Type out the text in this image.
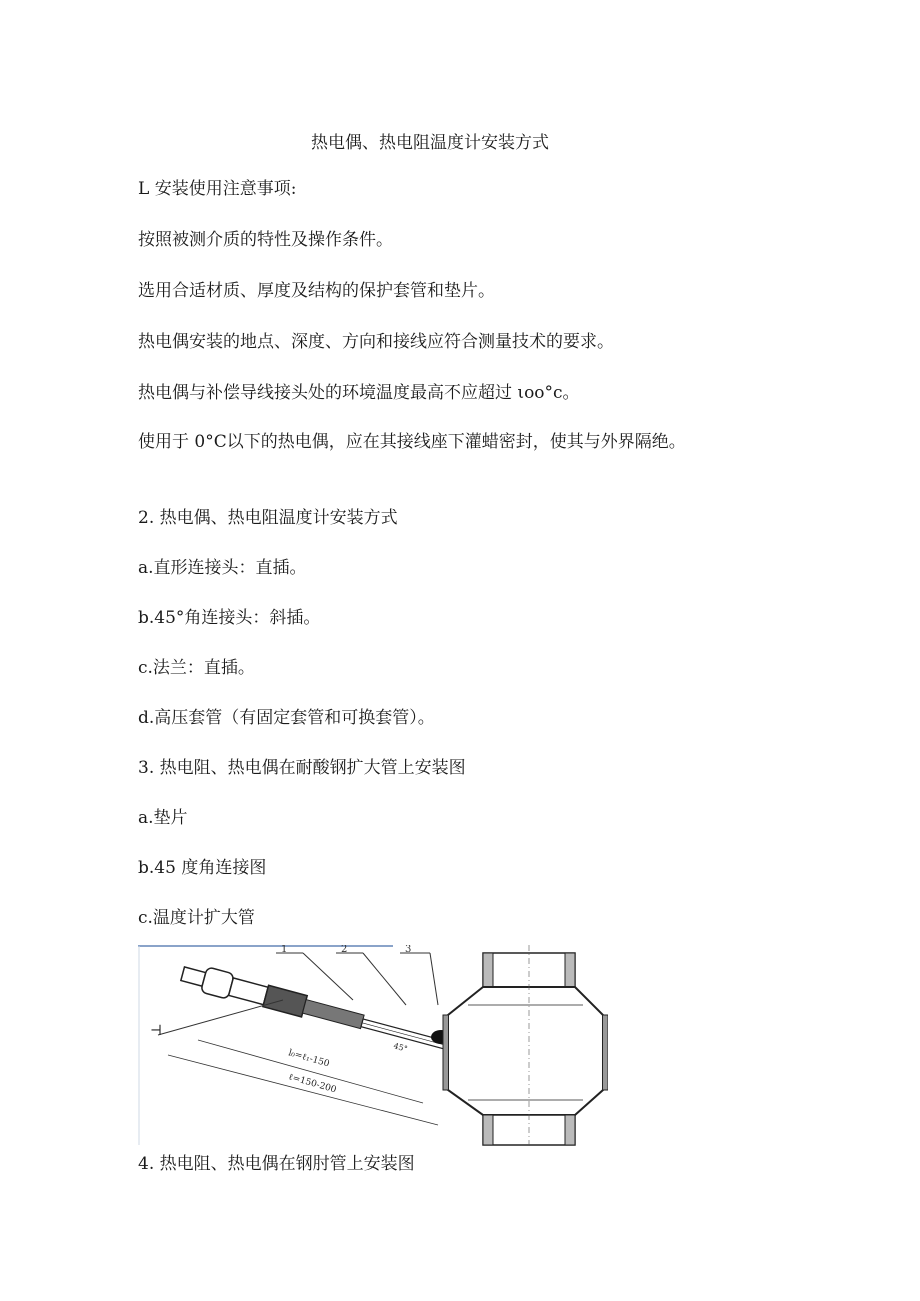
热电偶、热电阻温度计安装方式
L 安装使用注意事项:
按照被测介质的特性及操作条件。
选用合适材质、厚度及结构的保护套管和垫片。
热电偶安装的地点、深度、方向和接线应符合测量技术的要求。
热电偶与补偿导线接头处的环境温度最高不应超过 ιoo°c。
使用于 0°C以下的热电偶，应在其接线座下灌蜡密封，使其与外界隔绝。
2. 热电偶、热电阻温度计安装方式
a.直形连接头：直插。
b.45°角连接头：斜插。
c.法兰：直插。
d.高压套管（有固定套管和可换套管）。
3. 热电阻、热电偶在耐酸钢扩大管上安装图
a.垫片
b.45 度角连接图
c.温度计扩大管
1	2	3
l₀=ℓ₁-150
ℓ=150-200
45°
⊣
4. 热电阻、热电偶在钢肘管上安装图
